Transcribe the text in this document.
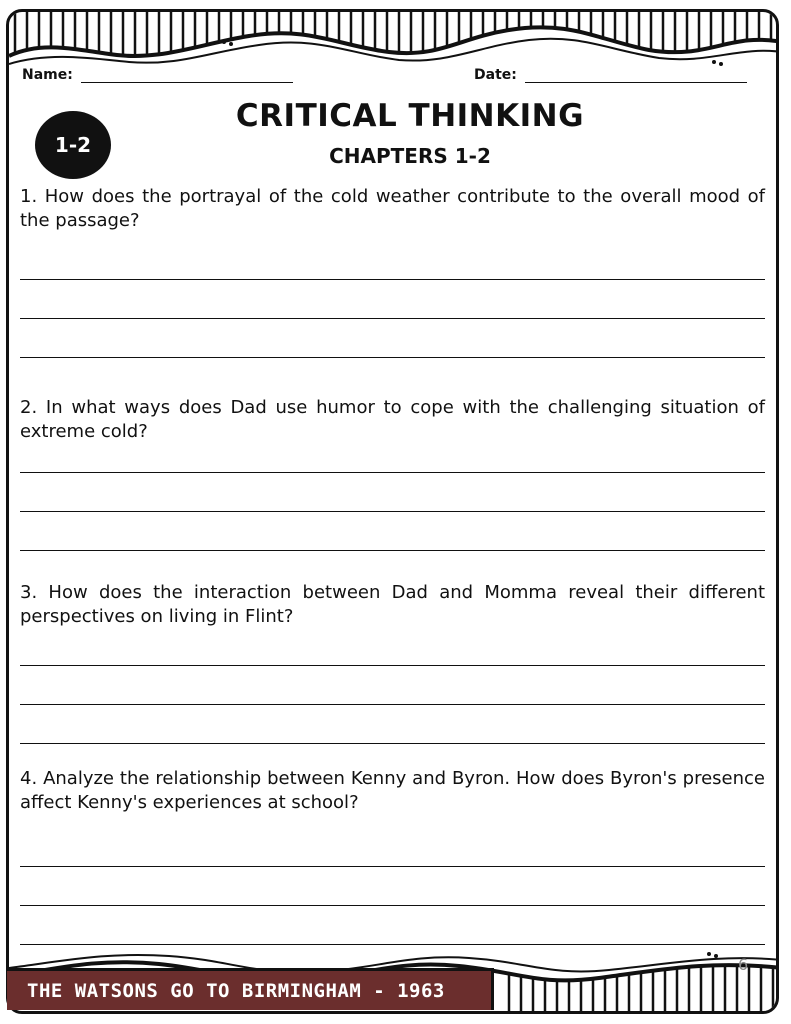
Name:	Date:
1-2
CRITICAL THINKING
CHAPTERS 1-2
1. How does the portrayal of the cold weather contribute to the overall mood of the passage?
2. In what ways does Dad use humor to cope with the challenging situation of extreme cold?
3. How does the interaction between Dad and Momma reveal their different perspectives on living in Flint?
4. Analyze the relationship between Kenny and Byron. How does Byron's presence affect Kenny's experiences at school?
THE WATSONS GO TO BIRMINGHAM - 1963
6
